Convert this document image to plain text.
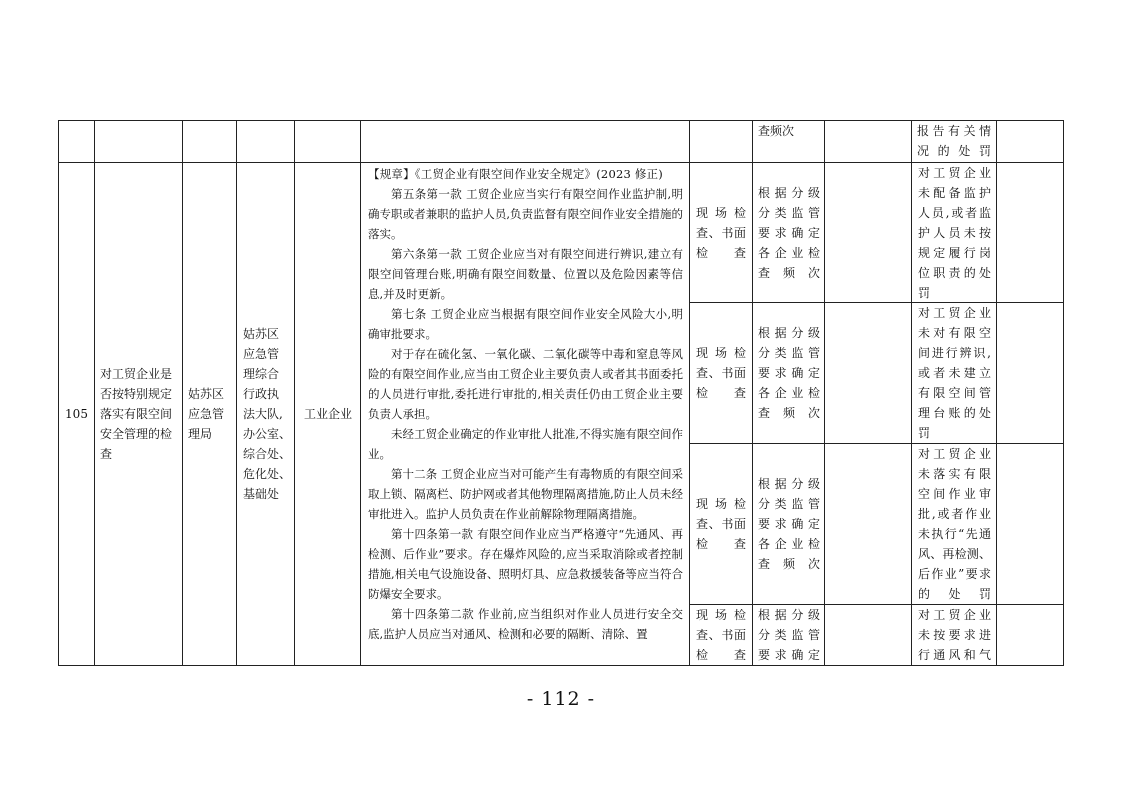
查频次	报告有关情
况的处罚
105
对工贸企业是
否按特别规定
落实有限空间
安全管理的检
查
姑苏区
应急管
理局
姑苏区
应急管
理综合
行政执
法大队,
办公室、
综合处、
危化处、
基础处
工业企业

【规章】《工贸企业有限空间作业安全规定》(2023 修正)

第五条第一款 工贸企业应当实行有限空间作业监护制,明确专职或者兼职的监护人员,负责监督有限空间作业安全措施的落实。

第六条第一款 工贸企业应当对有限空间进行辨识,建立有限空间管理台账,明确有限空间数量、位置以及危险因素等信息,并及时更新。

第七条 工贸企业应当根据有限空间作业安全风险大小,明确审批要求。

对于存在硫化氢、一氧化碳、二氧化碳等中毒和窒息等风险的有限空间作业,应当由工贸企业主要负责人或者其书面委托的人员进行审批,委托进行审批的,相关责任仍由工贸企业主要负责人承担。

未经工贸企业确定的作业审批人批准,不得实施有限空间作业。

第十二条 工贸企业应当对可能产生有毒物质的有限空间采取上锁、隔离栏、防护网或者其他物理隔离措施,防止人员未经审批进入。监护人员负责在作业前解除物理隔离措施。

第十四条第一款 有限空间作业应当严格遵守“先通风、再检测、后作业”要求。存在爆炸风险的,应当采取消除或者控制措施,相关电气设施设备、照明灯具、应急救援装备等应当符合防爆安全要求。

第十四条第二款 作业前,应当组织对作业人员进行安全交底,监护人员应当对通风、检测和必要的隔断、清除、置

现场检
查、书面
检查
根据分级
分类监管
要求确定
各企业检
查频次
对工贸企业
未配备监护
人员,或者监
护人员未按
规定履行岗
位职责的处
罚
现场检
查、书面
检查
根据分级
分类监管
要求确定
各企业检
查频次
对工贸企业
未对有限空
间进行辨识,
或者未建立
有限空间管
理台账的处
罚
现场检
查、书面
检查
根据分级
分类监管
要求确定
各企业检
查频次
对工贸企业
未落实有限
空间作业审
批,或者作业
未执行“先通
风、再检测、
后作业”要求
的处罚
现场检
查、书面
检查
根据分级
分类监管
要求确定
对工贸企业
未按要求进
行通风和气
- 112 -
